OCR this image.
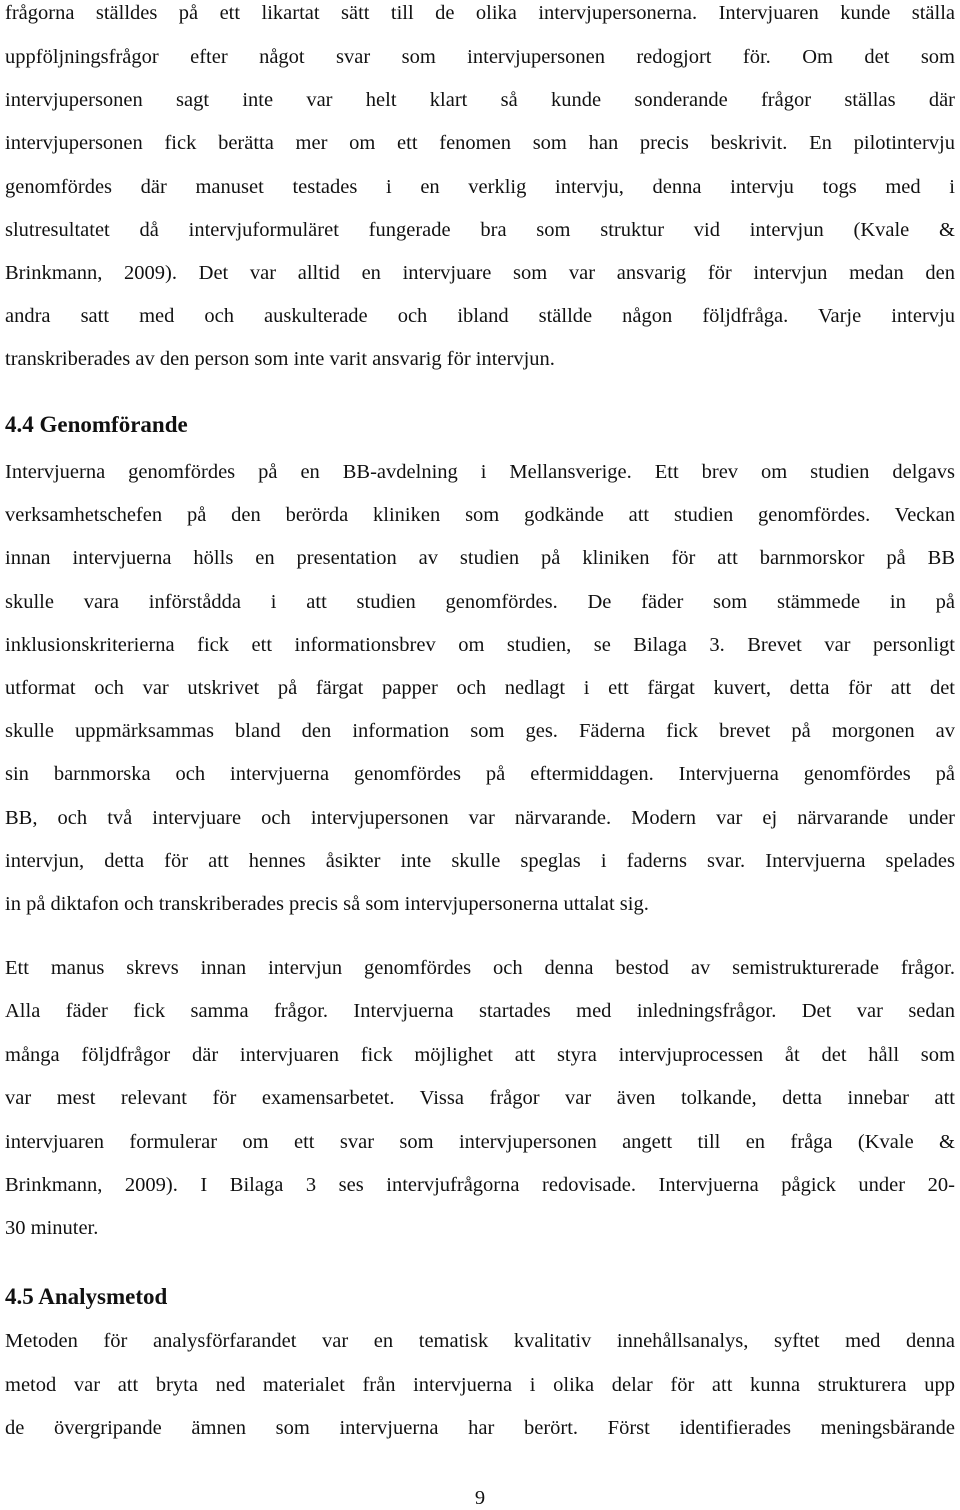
frågorna ställdes på ett likartat sätt till de olika intervjupersonerna. Intervjuaren kunde ställa
uppföljningsfrågor efter något svar som intervjupersonen redogjort för. Om det som
intervjupersonen sagt inte var helt klart så kunde sonderande frågor ställas där
intervjupersonen fick berätta mer om ett fenomen som han precis beskrivit. En pilotintervju
genomfördes där manuset testades i en verklig intervju, denna intervju togs med i
slutresultatet då intervjuformuläret fungerade bra som struktur vid intervjun (Kvale &
Brinkmann, 2009). Det var alltid en intervjuare som var ansvarig för intervjun medan den
andra satt med och auskulterade och ibland ställde någon följdfråga. Varje intervju
transkriberades av den person som inte varit ansvarig för intervjun.
4.4 Genomförande
Intervjuerna genomfördes på en BB-avdelning i Mellansverige. Ett brev om studien delgavs
verksamhetschefen på den berörda kliniken som godkände att studien genomfördes. Veckan
innan intervjuerna hölls en presentation av studien på kliniken för att barnmorskor på BB
skulle vara införstådda i att studien genomfördes. De fäder som stämmede in på
inklusionskriterierna fick ett informationsbrev om studien, se Bilaga 3. Brevet var personligt
utformat och var utskrivet på färgat papper och nedlagt i ett färgat kuvert, detta för att det
skulle uppmärksammas bland den information som ges. Fäderna fick brevet på morgonen av
sin barnmorska och intervjuerna genomfördes på eftermiddagen. Intervjuerna genomfördes på
BB, och två intervjuare och intervjupersonen var närvarande. Modern var ej närvarande under
intervjun, detta för att hennes åsikter inte skulle speglas i faderns svar. Intervjuerna spelades
in på diktafon och transkriberades precis så som intervjupersonerna uttalat sig.
Ett manus skrevs innan intervjun genomfördes och denna bestod av semistrukturerade frågor.
Alla fäder fick samma frågor. Intervjuerna startades med inledningsfrågor. Det var sedan
många följdfrågor där intervjuaren fick möjlighet att styra intervjuprocessen åt det håll som
var mest relevant för examensarbetet. Vissa frågor var även tolkande, detta innebar att
intervjuaren formulerar om ett svar som intervjupersonen angett till en fråga (Kvale &
Brinkmann, 2009). I Bilaga 3 ses intervjufrågorna redovisade. Intervjuerna pågick under 20-
30 minuter.
4.5 Analysmetod
Metoden för analysförfarandet var en tematisk kvalitativ innehållsanalys, syftet med denna
metod var att bryta ned materialet från intervjuerna i olika delar för att kunna strukturera upp
de övergripande ämnen som intervjuerna har berört. Först identifierades meningsbärande
9
